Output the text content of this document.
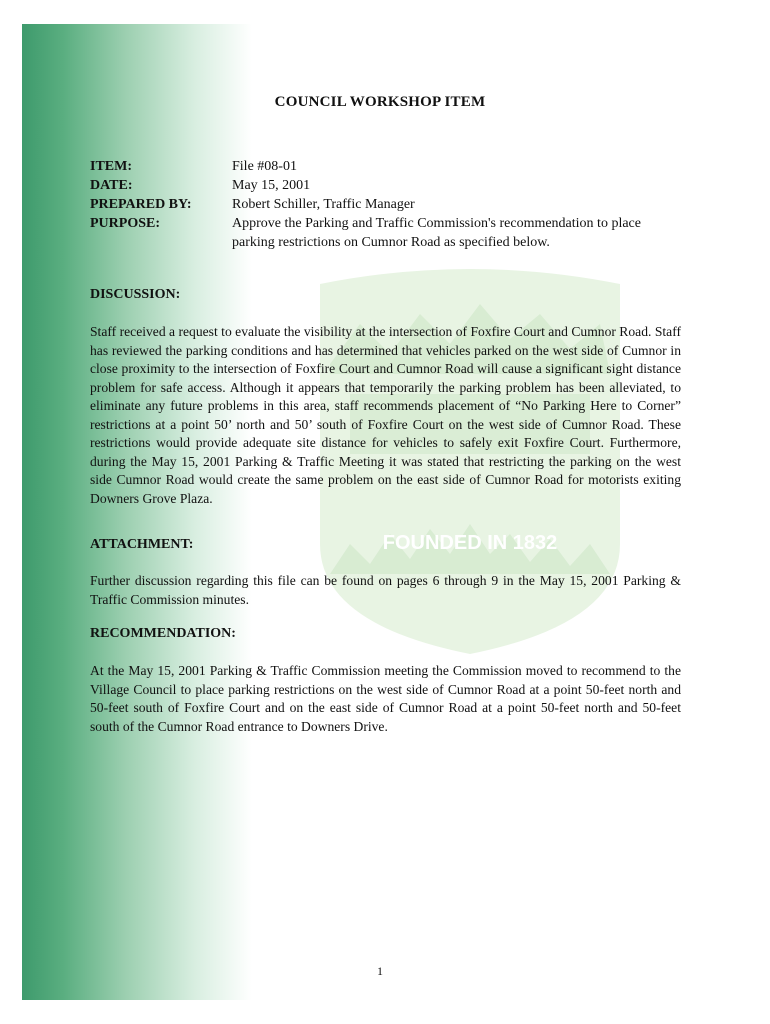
FOUNDED IN 1832
COUNCIL WORKSHOP ITEM
ITEM:	File #08-01
DATE:	May 15, 2001
PREPARED BY:	Robert Schiller, Traffic Manager
PURPOSE:	Approve the Parking and Traffic Commission's recommendation to place parking restrictions on Cumnor Road as specified below.
DISCUSSION:

Staff received a request to evaluate the visibility at the intersection of Foxfire Court and Cumnor Road. Staff has reviewed the parking conditions and has determined that vehicles parked on the west side of Cumnor in close proximity to the intersection of Foxfire Court and Cumnor Road will cause a significant sight distance problem for safe access. Although it appears that temporarily the parking problem has been alleviated, to eliminate any future problems in this area, staff recommends placement of “No Parking Here to Corner” restrictions at a point 50’ north and 50’ south of Foxfire Court on the west side of Cumnor Road. These restrictions would provide adequate site distance for vehicles to safely exit Foxfire Court. Furthermore, during the May 15, 2001 Parking & Traffic Meeting it was stated that restricting the parking on the west side Cumnor Road would create the same problem on the east side of Cumnor Road for motorists exiting Downers Grove Plaza.

ATTACHMENT:

Further discussion regarding this file can be found on pages 6 through 9 in the May 15, 2001 Parking & Traffic Commission minutes.

RECOMMENDATION:

At the May 15, 2001 Parking & Traffic Commission meeting the Commission moved to recommend to the Village Council to place parking restrictions on the west side of Cumnor Road at a point 50-feet north and 50-feet south of Foxfire Court and on the east side of Cumnor Road at a point 50-feet north and 50-feet south of the Cumnor Road entrance to Downers Drive.

1
